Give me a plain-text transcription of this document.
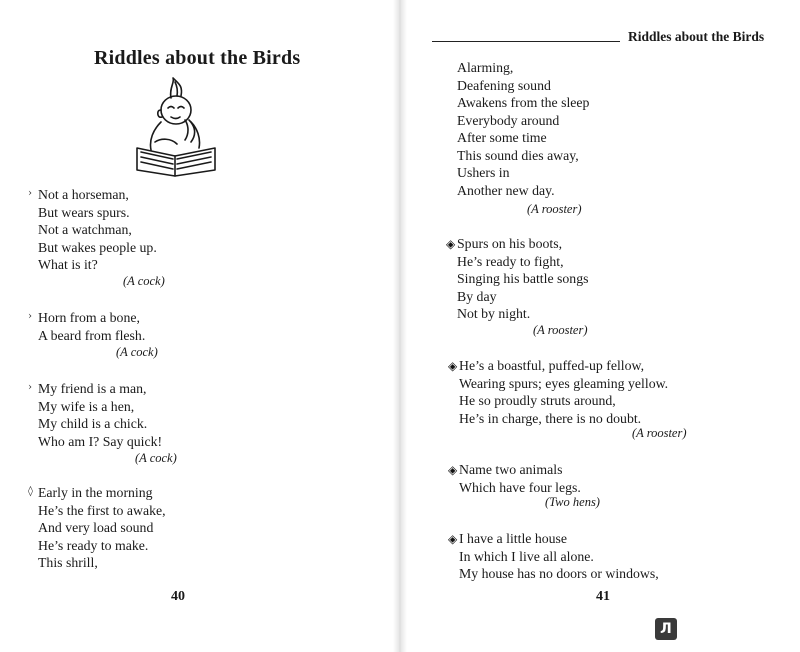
Riddles about the Birds
› Not a horseman,
But wears spurs.
Not a watchman,
But wakes people up.
What is it?
(A cock)
› Horn from a bone,
A beard from flesh.
(A cock)
› My friend is a man,
My wife is a hen,
My child is a chick.
Who am I? Say quick!
(A cock)
◊ Early in the morning
He’s the first to awake,
And very load sound
He’s ready to make.
This shrill,
40
Riddles about the Birds
Alarming,
Deafening sound
Awakens from the sleep
Everybody around
After some time
This sound dies away,
Ushers in
Another new day.
(A rooster)
◈ Spurs on his boots,
He’s ready to fight,
Singing his battle songs
By day
Not by night.
(A rooster)
◈ He’s a boastful, puffed-up fellow,
Wearing spurs; eyes gleaming yellow.
He so proudly struts around,
He’s in charge, there is no doubt.
(A rooster)
◈ Name two animals
Which have four legs.
(Two hens)
◈ I have a little house
In which I live all alone.
My house has no doors or windows,
41
Л
